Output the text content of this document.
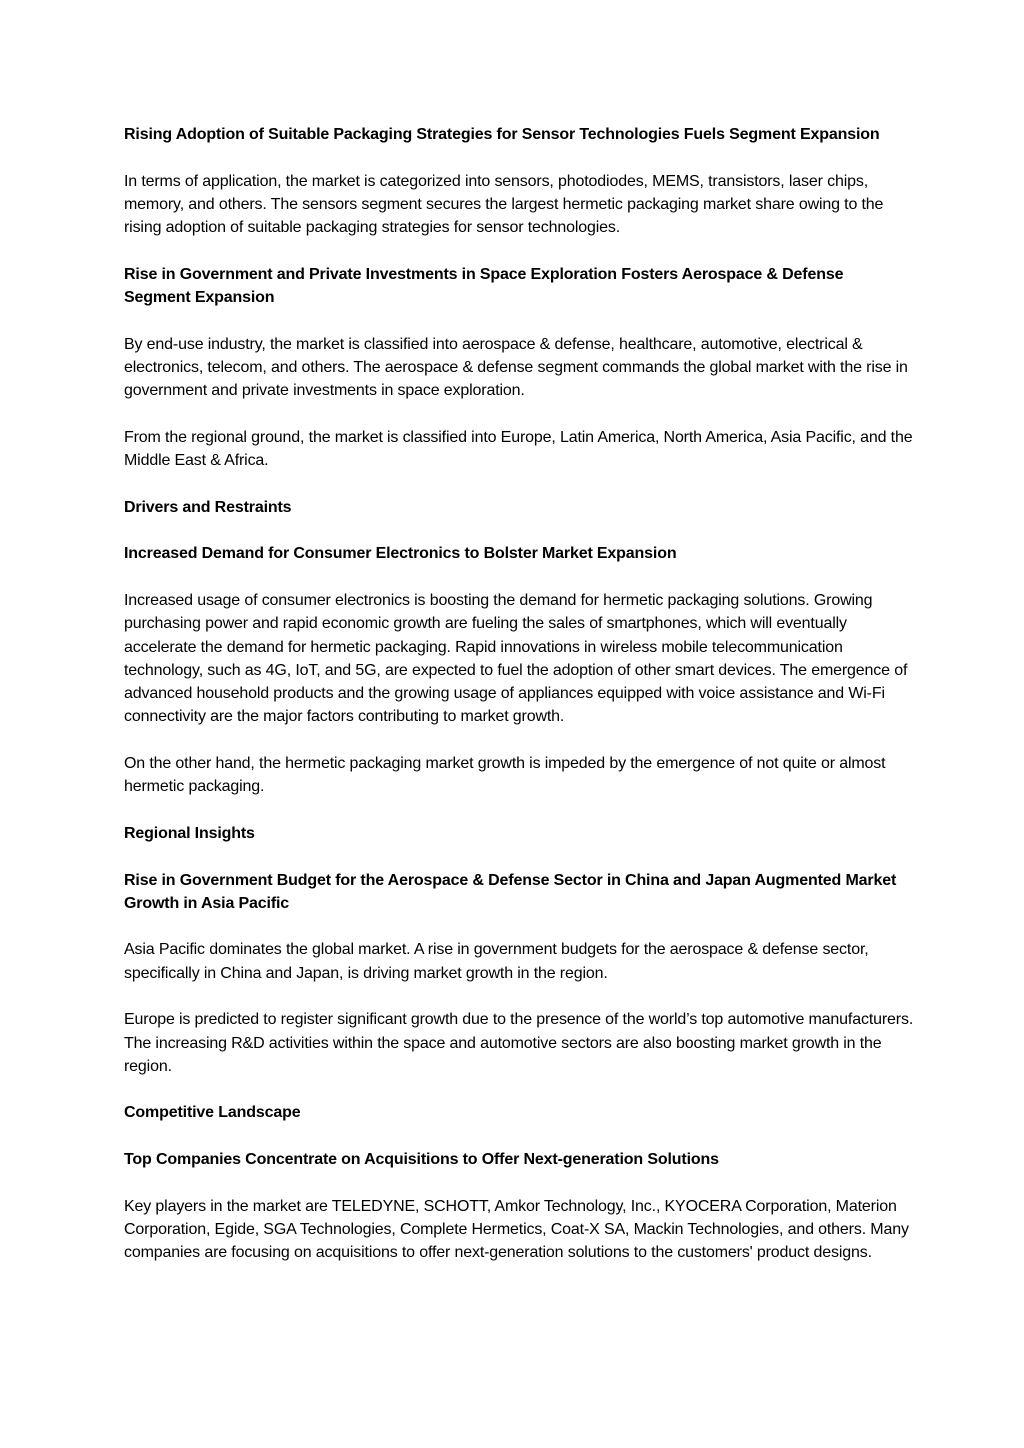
Rising Adoption of Suitable Packaging Strategies for Sensor Technologies Fuels Segment Expansion

In terms of application, the market is categorized into sensors, photodiodes, MEMS, transistors, laser chips, memory, and others. The sensors segment secures the largest hermetic packaging market share owing to the rising adoption of suitable packaging strategies for sensor technologies.

Rise in Government and Private Investments in Space Exploration Fosters Aerospace & Defense Segment Expansion

By end-use industry, the market is classified into aerospace & defense, healthcare, automotive, electrical & electronics, telecom, and others. The aerospace & defense segment commands the global market with the rise in government and private investments in space exploration.

From the regional ground, the market is classified into Europe, Latin America, North America, Asia Pacific, and the Middle East & Africa.

Drivers and Restraints

Increased Demand for Consumer Electronics to Bolster Market Expansion

Increased usage of consumer electronics is boosting the demand for hermetic packaging solutions. Growing purchasing power and rapid economic growth are fueling the sales of smartphones, which will eventually accelerate the demand for hermetic packaging. Rapid innovations in wireless mobile telecommunication technology, such as 4G, IoT, and 5G, are expected to fuel the adoption of other smart devices. The emergence of advanced household products and the growing usage of appliances equipped with voice assistance and Wi-Fi connectivity are the major factors contributing to market growth.

On the other hand, the hermetic packaging market growth is impeded by the emergence of not quite or almost hermetic packaging.

Regional Insights

Rise in Government Budget for the Aerospace & Defense Sector in China and Japan Augmented Market Growth in Asia Pacific

Asia Pacific dominates the global market. A rise in government budgets for the aerospace & defense sector, specifically in China and Japan, is driving market growth in the region.

Europe is predicted to register significant growth due to the presence of the world’s top automotive manufacturers. The increasing R&D activities within the space and automotive sectors are also boosting market growth in the region.

Competitive Landscape

Top Companies Concentrate on Acquisitions to Offer Next-generation Solutions

Key players in the market are TELEDYNE, SCHOTT, Amkor Technology, Inc., KYOCERA Corporation, Materion Corporation, Egide, SGA Technologies, Complete Hermetics, Coat-X SA, Mackin Technologies, and others. Many companies are focusing on acquisitions to offer next-generation solutions to the customers' product designs.
